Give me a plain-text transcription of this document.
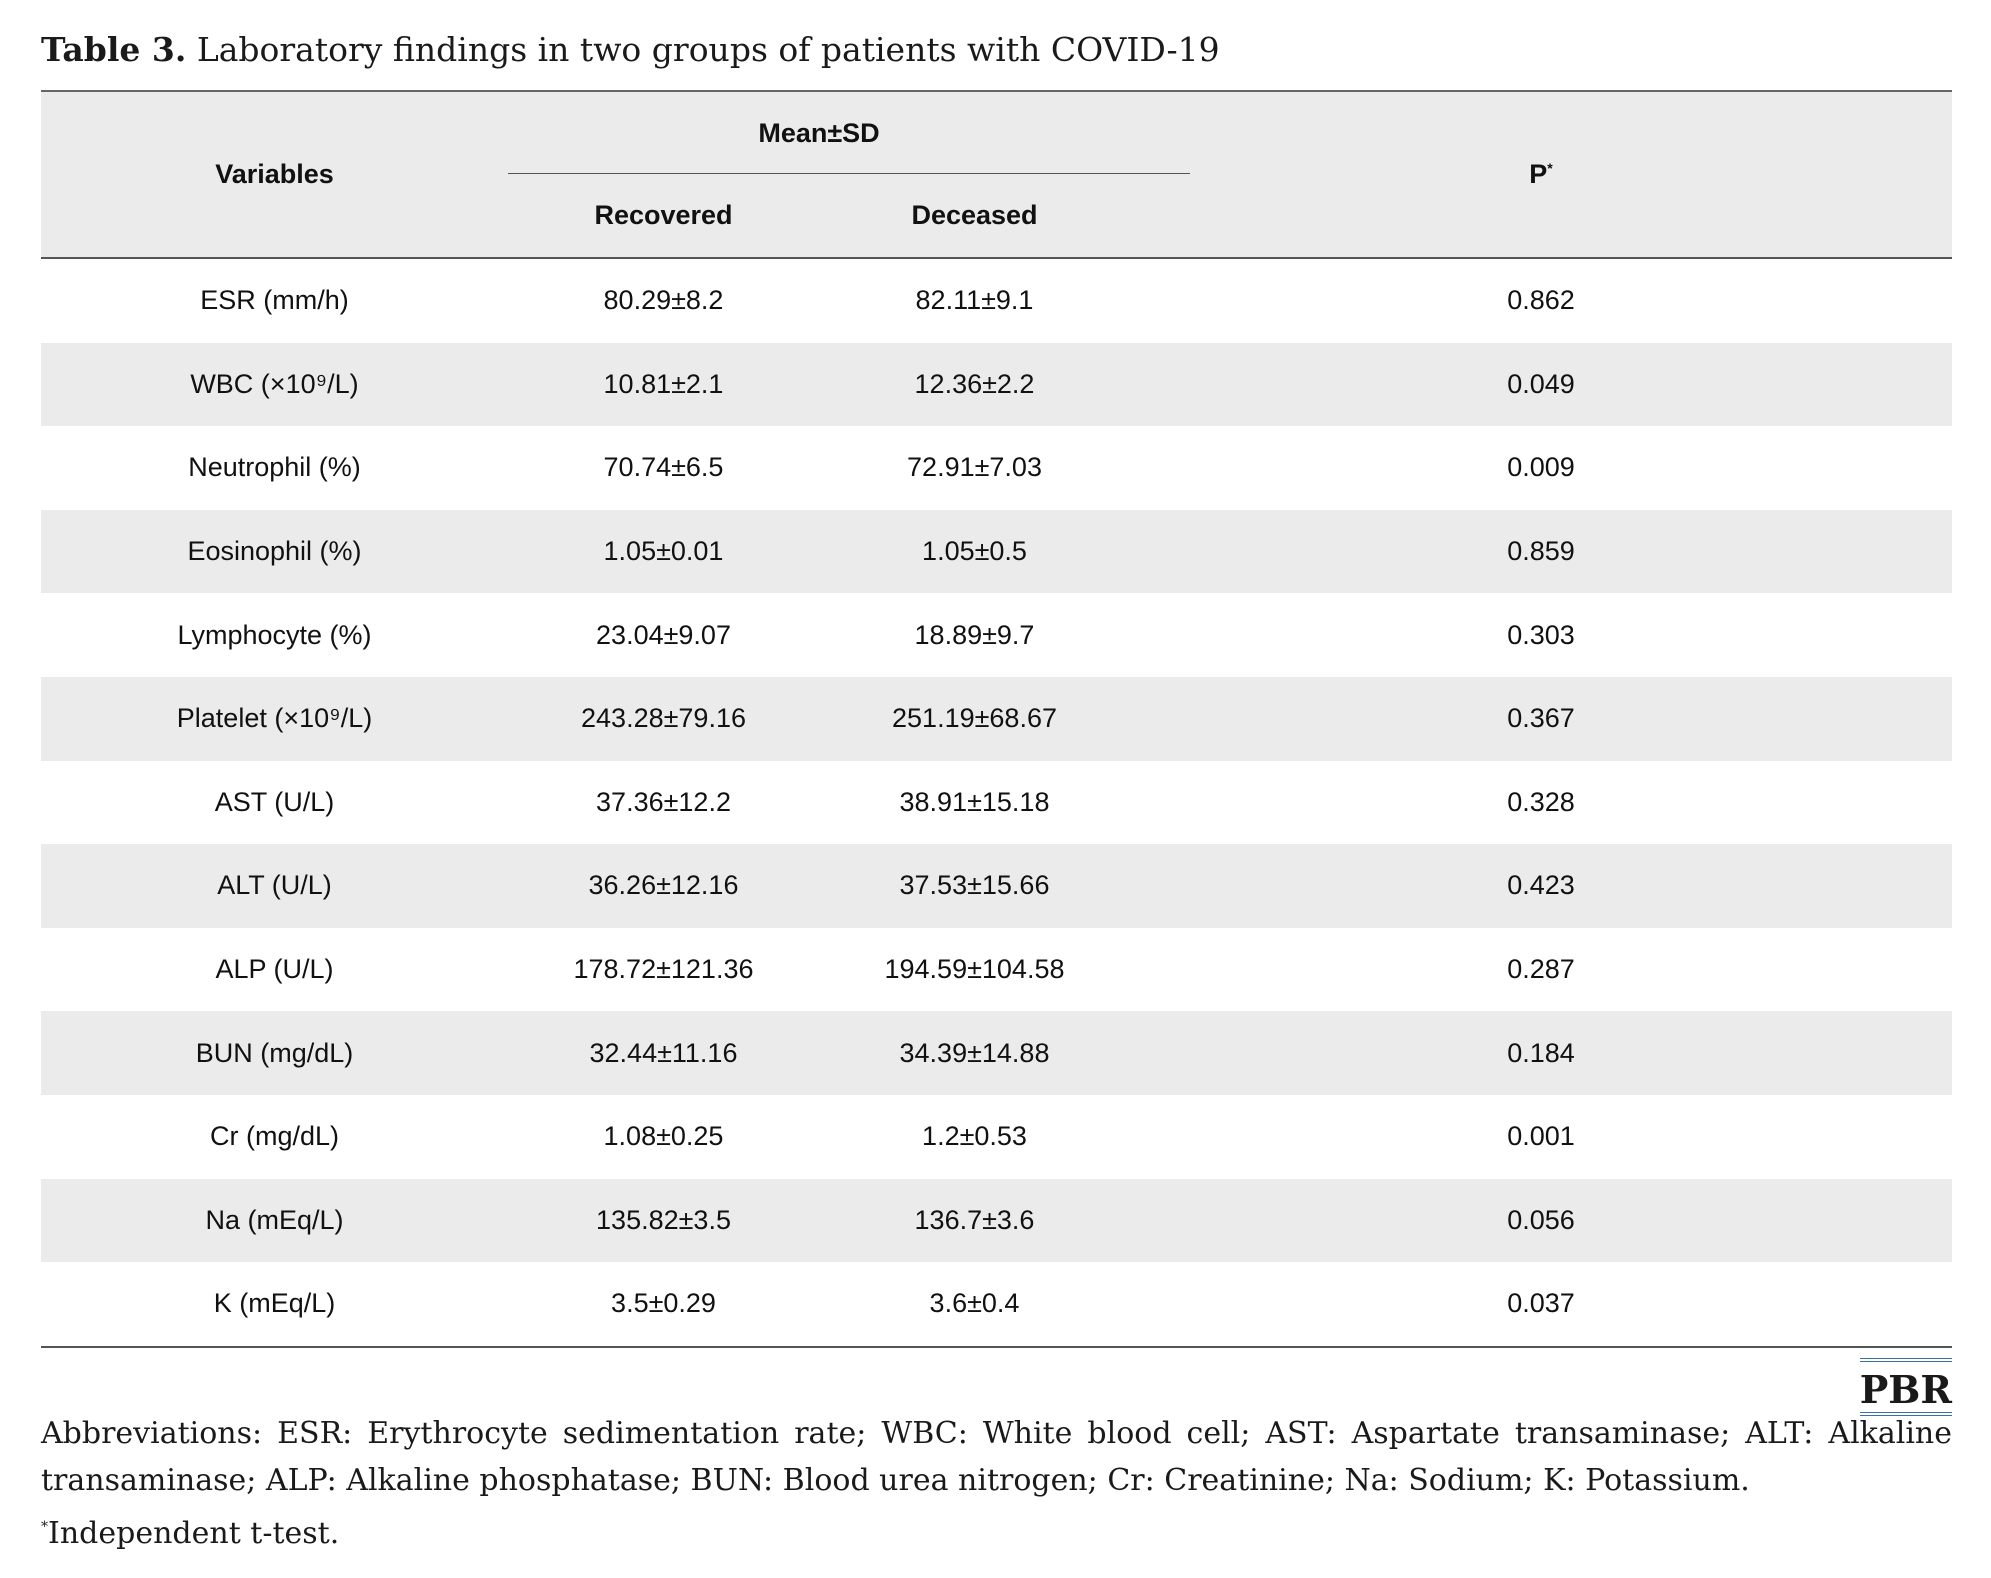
Table 3. Laboratory findings in two groups of patients with COVID-19
Variables	Mean±SD		P*
	Recovered	Deceased	
ESR (mm/h)	80.29±8.2	82.11±9.1	0.862
WBC (×10⁹/L)	10.81±2.1	12.36±2.2	0.049
Neutrophil (%)	70.74±6.5	72.91±7.03	0.009
Eosinophil (%)	1.05±0.01	1.05±0.5	0.859
Lymphocyte (%)	23.04±9.07	18.89±9.7	0.303
Platelet (×10⁹/L)	243.28±79.16	251.19±68.67	0.367
AST (U/L)	37.36±12.2	38.91±15.18	0.328
ALT (U/L)	36.26±12.16	37.53±15.66	0.423
ALP (U/L)	178.72±121.36	194.59±104.58	0.287
BUN (mg/dL)	32.44±11.16	34.39±14.88	0.184
Cr (mg/dL)	1.08±0.25	1.2±0.53	0.001
Na (mEq/L)	135.82±3.5	136.7±3.6	0.056
K (mEq/L)	3.5±0.29	3.6±0.4	0.037
PBR
Abbreviations: ESR: Erythrocyte sedimentation rate; WBC: White blood cell; AST: Aspartate transaminase; ALT: Alkaline transaminase; ALP: Alkaline phosphatase; BUN: Blood urea nitrogen; Cr: Creatinine; Na: Sodium; K: Potassium.
*Independent t-test.
